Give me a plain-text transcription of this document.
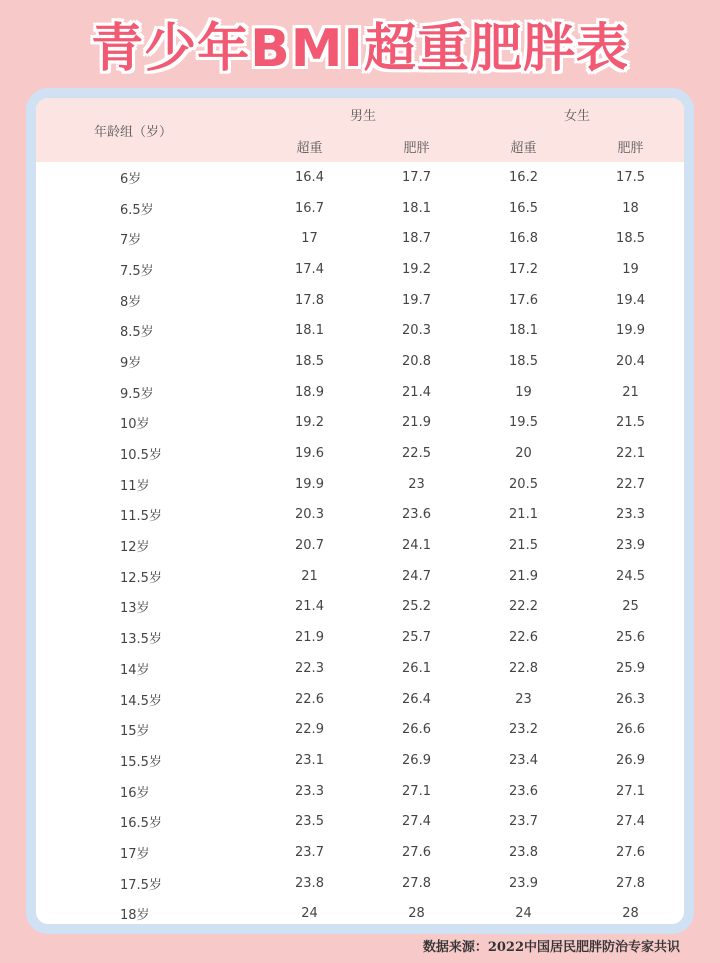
青少年BMI超重肥胖表
年龄组（岁）	男生		女生	
	超重	肥胖	超重	肥胖
6岁	16.4	17.7	16.2	17.5
6.5岁	16.7	18.1	16.5	18
7岁	17	18.7	16.8	18.5
7.5岁	17.4	19.2	17.2	19
8岁	17.8	19.7	17.6	19.4
8.5岁	18.1	20.3	18.1	19.9
9岁	18.5	20.8	18.5	20.4
9.5岁	18.9	21.4	19	21
10岁	19.2	21.9	19.5	21.5
10.5岁	19.6	22.5	20	22.1
11岁	19.9	23	20.5	22.7
11.5岁	20.3	23.6	21.1	23.3
12岁	20.7	24.1	21.5	23.9
12.5岁	21	24.7	21.9	24.5
13岁	21.4	25.2	22.2	25
13.5岁	21.9	25.7	22.6	25.6
14岁	22.3	26.1	22.8	25.9
14.5岁	22.6	26.4	23	26.3
15岁	22.9	26.6	23.2	26.6
15.5岁	23.1	26.9	23.4	26.9
16岁	23.3	27.1	23.6	27.1
16.5岁	23.5	27.4	23.7	27.4
17岁	23.7	27.6	23.8	27.6
17.5岁	23.8	27.8	23.9	27.8
18岁	24	28	24	28
数据来源：2022中国居民肥胖防治专家共识
